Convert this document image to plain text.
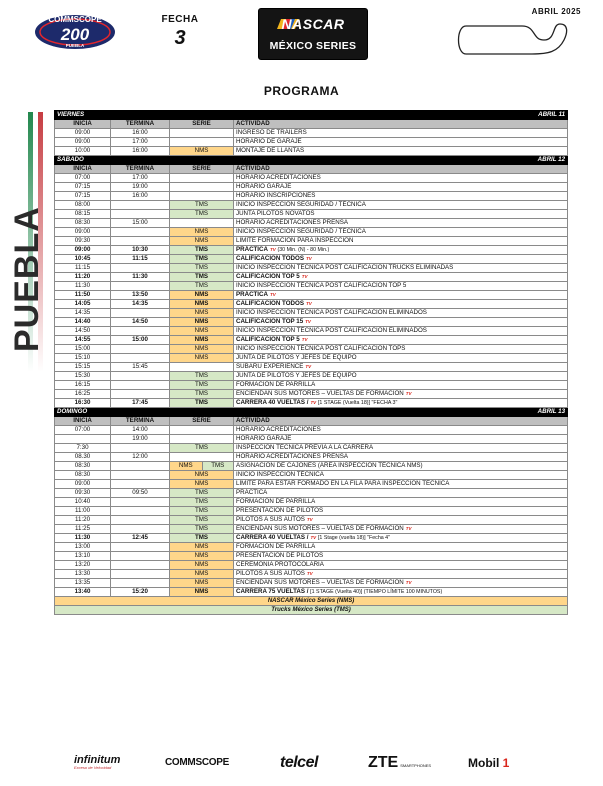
COMMSCOPE
200
PUEBLA
FECHA
3
NASCAR
MÉXICO SERIES
ABRIL 2025
PROGRAMA
PUEBLA
ABRIL 11
VIERNES			
INICIA	TERMINA	SERIE	ACTIVIDAD
09:00	16:00		INGRESO DE TRÁILERS
09:00	17:00		HORARIO DE GARAJE
10:00	16:00	NMS	MONTAJE DE LLANTAS

ABRIL 12
SÁBADO			
INICIA	TERMINA	SERIE	ACTIVIDAD
07:00	17:00		HORARIO ACREDITACIONES
07:15	19:00		HORARIO GARAJE
07:15	16:00		HORARIO INSCRIPCIONES
08:00		TMS	INICIO INSPECCIÓN SEGURIDAD / TÉCNICA
08:15		TMS	JUNTA PILOTOS NOVATOS
08:30	15:00		HORARIO ACREDITACIONES PRENSA
09:00		NMS	INICIO INSPECCIÓN SEGURIDAD / TÉCNICA
09:30		NMS	LIMITE FORMACIÓN PARA INSPECCIÓN
09:00	10:30	TMS	PRÁCTICA TV (30 Min. (N) - 80 Min.)
10:45	11:15	TMS	CALIFICACIÓN TODOS TV
11:15		TMS	INICIO INSPECCIÓN TÉCNICA POST CALIFICACIÓN TRUCKS ELIMINADAS
11:20	11:30	TMS	CALIFICACIÓN TOP 5 TV
11:30		TMS	INICIO INSPECCIÓN TÉCNICA POST CALIFICACIÓN TOP 5
11:50	13:50	NMS	PRÁCTICA TV
14:05	14:35	NMS	CALIFICACIÓN TODOS TV
14:35		NMS	INICIO INSPECCIÓN TÉCNICA POST CALIFICACIÓN ELIMINADOS
14:40	14:50	NMS	CALIFICACIÓN TOP 15 TV
14:50		NMS	INICIO INSPECCIÓN TÉCNICA POST CALIFICACIÓN ELIMINADOS
14:55	15:00	NMS	CALIFICACIÓN TOP 5 TV
15:00		NMS	INICIO INSPECCIÓN TÉCNICA POST CALIFICACIÓN TOPS
15:10		NMS	JUNTA DE PILOTOS Y JEFES DE EQUIPO
15:15	15:45		SUBARU EXPERIENCE TV
15:30		TMS	JUNTA DE PILOTOS Y JEFES DE EQUIPO
16:15		TMS	FORMACIÓN DE PARRILLA
16:25		TMS	ENCIENDAN SUS MOTORES – VUELTAS DE FORMACIÓN TV
16:30	17:45	TMS	CARRERA 40 VUELTAS / TV [1 STAGE (Vuelta 18)] "FECHA 3"

ABRIL 13
DOMINGO			
INICIA	TERMINA	SERIE	ACTIVIDAD
07:00	14:00		HORARIO ACREDITACIONES
	19:00		HORARIO GARAJE
7:30		TMS	INSPECCIÓN TÉCNICA PREVIA A LA CARRERA
08.30	12:00		HORARIO ACREDITACIONES PRENSA
08:30		NMS TMS	ASIGNACIÓN DE CAJONES (ÁREA INSPECCIÓN TÉCNICA NMS)
08:30		NMS	INICIO INSPECCIÓN TÉCNICA
09:00		NMS	LÍMITE PARA ESTAR FORMADO EN LA FILA PARA INSPECCIÓN TÉCNICA
09:30	09:50	TMS	PRÁCTICA
10:40		TMS	FORMACIÓN DE PARRILLA
11:00		TMS	PRESENTACIÓN DE PILOTOS
11:20		TMS	PILOTOS A SUS AUTOS TV
11:25		TMS	ENCIENDAN SUS MOTORES – VUELTAS DE FORMACIÓN TV
11:30	12:45	TMS	CARRERA 40 VUELTAS / TV [1 Stage (vuelta 18)] "Fecha 4"
13:00		NMS	FORMACIÓN DE PARRILLA
13:10		NMS	PRESENTACIÓN DE PILOTOS
13:20		NMS	CEREMONIA PROTOCOLARIA
13:30		NMS	PILOTOS A SUS AUTOS TV
13:35		NMS	ENCIENDAN SUS MOTORES – VUELTAS DE FORMACIÓN TV
13:40	15:20	NMS	CARRERA 75 VUELTAS / [1 STAGE (Vuelta 40)] (TIEMPO LÍMITE 100 MINUTOS)
NASCAR México Series (NMS)			
Trucks México Series (TMS)			
infinitum
Exceso de Velocidad	COMMSCOPE	telcel	ZTE SMARTPHONES	Mobil 1
